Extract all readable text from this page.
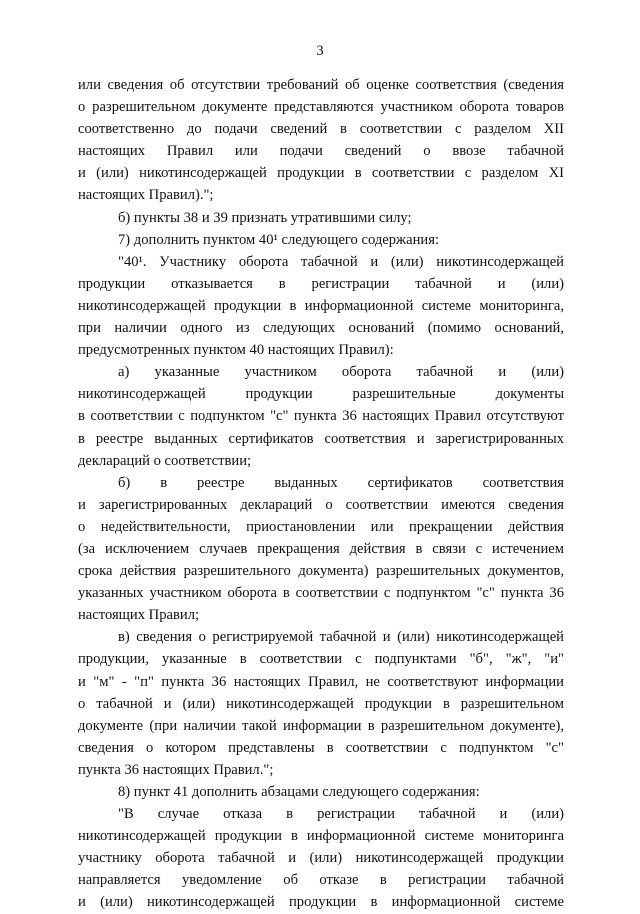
3
или сведения об отсутствии требований об оценке соответствия (сведения
о разрешительном документе представляются участником оборота товаров
соответственно до подачи сведений в соответствии с разделом XII
настоящих Правил или подачи сведений о ввозе табачной
и (или) никотинсодержащей продукции в соответствии с разделом XI
настоящих Правил).";
б) пункты 38 и 39 признать утратившими силу;
7) дополнить пунктом 40¹ следующего содержания:
"40¹. Участнику оборота табачной и (или) никотинсодержащей
продукции отказывается в регистрации табачной и (или)
никотинсодержащей продукции в информационной системе мониторинга,
при наличии одного из следующих оснований (помимо оснований,
предусмотренных пунктом 40 настоящих Правил):
а) указанные участником оборота табачной и (или)
никотинсодержащей продукции разрешительные документы
в соответствии с подпунктом "с" пункта 36 настоящих Правил отсутствуют
в реестре выданных сертификатов соответствия и зарегистрированных
деклараций о соответствии;
б) в реестре выданных сертификатов соответствия
и зарегистрированных деклараций о соответствии имеются сведения
о недействительности, приостановлении или прекращении действия
(за исключением случаев прекращения действия в связи с истечением
срока действия разрешительного документа) разрешительных документов,
указанных участником оборота в соответствии с подпунктом "с" пункта 36
настоящих Правил;
в) сведения о регистрируемой табачной и (или) никотинсодержащей
продукции, указанные в соответствии с подпунктами "б", "ж", "и"
и "м" - "п" пункта 36 настоящих Правил, не соответствуют информации
о табачной и (или) никотинсодержащей продукции в разрешительном
документе (при наличии такой информации в разрешительном документе),
сведения о котором представлены в соответствии с подпунктом "с"
пункта 36 настоящих Правил.";
8) пункт 41 дополнить абзацами следующего содержания:
"В случае отказа в регистрации табачной и (или)
никотинсодержащей продукции в информационной системе мониторинга
участнику оборота табачной и (или) никотинсодержащей продукции
направляется уведомление об отказе в регистрации табачной
и (или) никотинсодержащей продукции в информационной системе
